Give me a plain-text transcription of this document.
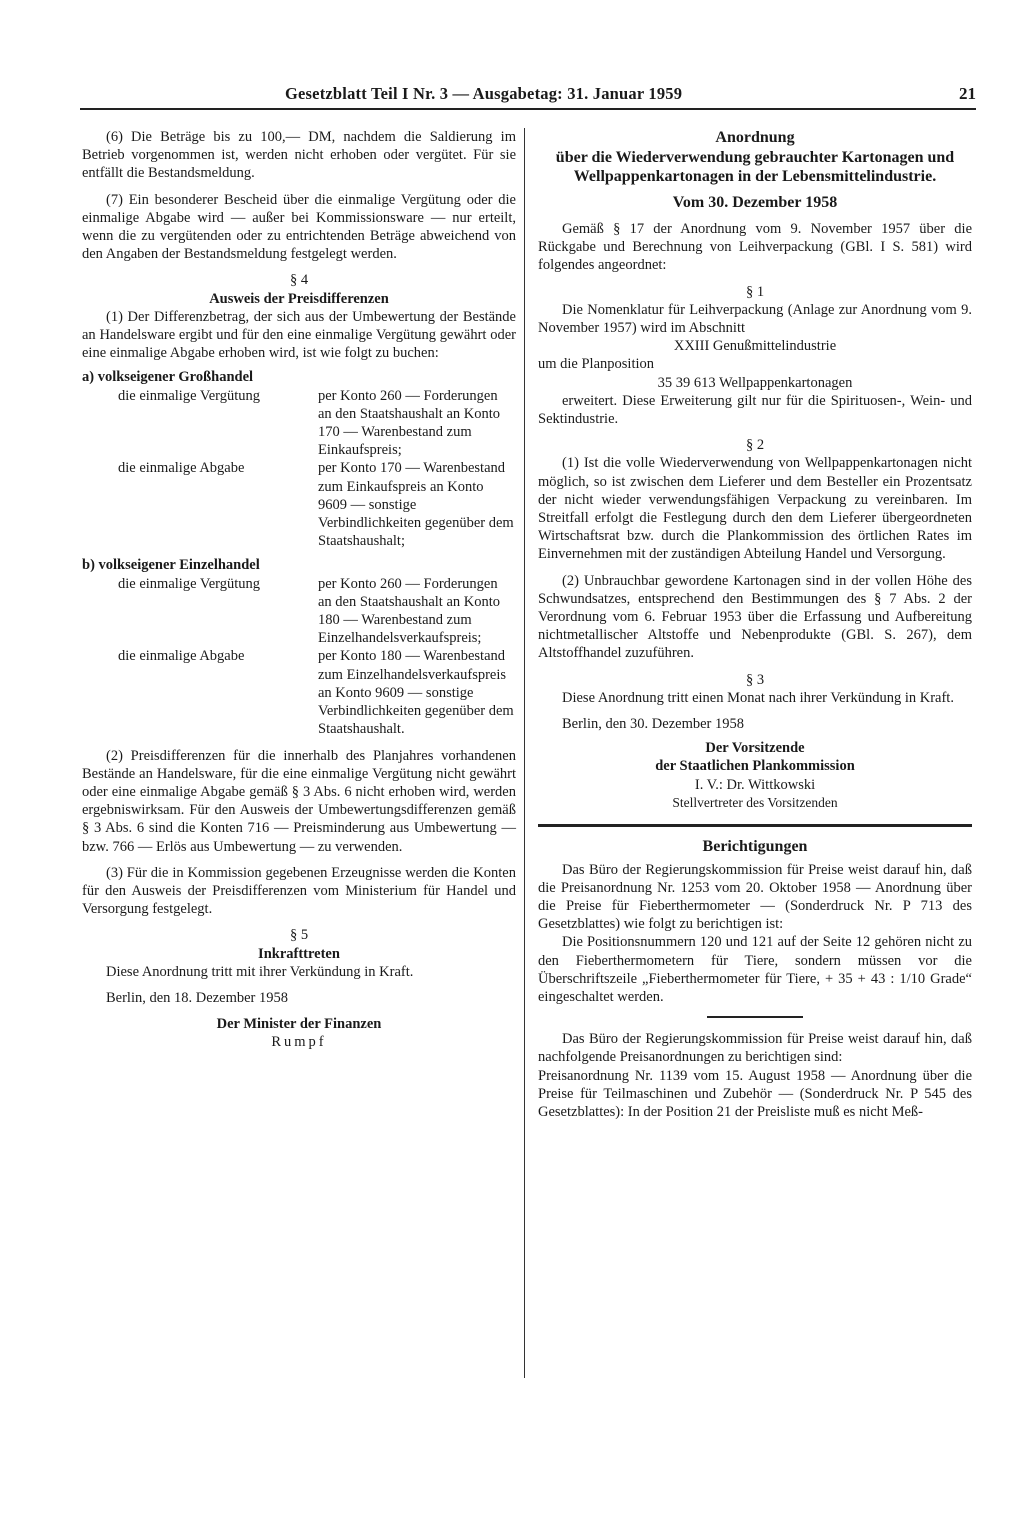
Gesetzblatt Teil I Nr. 3 — Ausgabetag: 31. Januar 1959	21

(6) Die Beträge bis zu 100,— DM, nachdem die Saldierung im Betrieb vorgenommen ist, werden nicht erhoben oder vergütet. Für sie entfällt die Bestandsmeldung.

(7) Ein besonderer Bescheid über die einmalige Vergütung oder die einmalige Abgabe wird — außer bei Kommissionsware — nur erteilt, wenn die zu vergütenden oder zu entrichtenden Beträge abweichend von den Angaben der Bestandsmeldung festgelegt werden.

§ 4
Ausweis der Preisdifferenzen

(1) Der Differenzbetrag, der sich aus der Umbewertung der Bestände an Handelsware ergibt und für den eine einmalige Vergütung gewährt oder eine einmalige Abgabe erhoben wird, ist wie folgt zu buchen:

a) volkseigener Großhandel
die einmalige Vergütung	per Konto 260 — Forderungen an den Staatshaushalt an Konto 170 — Warenbestand zum Einkaufspreis;
die einmalige Abgabe	per Konto 170 — Warenbestand zum Einkaufspreis an Konto 9609 — sonstige Verbindlichkeiten gegenüber dem Staatshaushalt;
b) volkseigener Einzelhandel
die einmalige Vergütung	per Konto 260 — Forderungen an den Staatshaushalt an Konto 180 — Warenbestand zum Einzelhandelsverkaufspreis;
die einmalige Abgabe	per Konto 180 — Warenbestand zum Einzelhandelsverkaufspreis an Konto 9609 — sonstige Verbindlichkeiten gegenüber dem Staatshaushalt.

(2) Preisdifferenzen für die innerhalb des Planjahres vorhandenen Bestände an Handelsware, für die eine einmalige Vergütung nicht gewährt oder eine einmalige Abgabe gemäß § 3 Abs. 6 nicht erhoben wird, werden ergebniswirksam. Für den Ausweis der Umbewertungsdifferenzen gemäß § 3 Abs. 6 sind die Konten 716 — Preisminderung aus Umbewertung — bzw. 766 — Erlös aus Umbewertung — zu verwenden.

(3) Für die in Kommission gegebenen Erzeugnisse werden die Konten für den Ausweis der Preisdifferenzen vom Ministerium für Handel und Versorgung festgelegt.

§ 5
Inkrafttreten

Diese Anordnung tritt mit ihrer Verkündung in Kraft.

Berlin, den 18. Dezember 1958

Der Minister der Finanzen
Rumpf
Anordnung
über die Wiederverwendung gebrauchter Kartonagen und Wellpappenkartonagen in der Lebensmittelindustrie.
Vom 30. Dezember 1958

Gemäß § 17 der Anordnung vom 9. November 1957 über die Rückgabe und Berechnung von Leihverpackung (GBl. I S. 581) wird folgendes angeordnet:

§ 1

Die Nomenklatur für Leihverpackung (Anlage zur Anordnung vom 9. November 1957) wird im Abschnitt

XXIII Genußmittelindustrie
um die Planposition
35 39 613 Wellpappenkartonagen

erweitert. Diese Erweiterung gilt nur für die Spirituosen-, Wein- und Sektindustrie.

§ 2

(1) Ist die volle Wiederverwendung von Wellpappenkartonagen nicht möglich, so ist zwischen dem Lieferer und dem Besteller ein Prozentsatz der nicht wieder verwendungsfähigen Verpackung zu vereinbaren. Im Streitfall erfolgt die Festlegung durch den dem Lieferer übergeordneten Wirtschaftsrat bzw. durch die Plankommission des örtlichen Rates im Einvernehmen mit der zuständigen Abteilung Handel und Versorgung.

(2) Unbrauchbar gewordene Kartonagen sind in der vollen Höhe des Schwundsatzes, entsprechend den Bestimmungen des § 7 Abs. 2 der Verordnung vom 6. Februar 1953 über die Erfassung und Aufbereitung nichtmetallischer Altstoffe und Nebenprodukte (GBl. S. 267), dem Altstoffhandel zuzuführen.

§ 3

Diese Anordnung tritt einen Monat nach ihrer Verkündung in Kraft.

Berlin, den 30. Dezember 1958

Der Vorsitzende
der Staatlichen Plankommission
I. V.: Dr. Wittkowski
Stellvertreter des Vorsitzenden
Berichtigungen

Das Büro der Regierungskommission für Preise weist darauf hin, daß die Preisanordnung Nr. 1253 vom 20. Oktober 1958 — Anordnung über die Preise für Fieberthermometer — (Sonderdruck Nr. P 713 des Gesetzblattes) wie folgt zu berichtigen ist:

Die Positionsnummern 120 und 121 auf der Seite 12 gehören nicht zu den Fieberthermometern für Tiere, sondern müssen vor die Überschriftszeile „Fieberthermometer für Tiere, + 35 + 43 : 1/10 Grade“ eingeschaltet werden.

Das Büro der Regierungskommission für Preise weist darauf hin, daß nachfolgende Preisanordnungen zu berichtigen sind:

Preisanordnung Nr. 1139 vom 15. August 1958 — Anordnung über die Preise für Teilmaschinen und Zubehör — (Sonderdruck Nr. P 545 des Gesetzblattes): In der Position 21 der Preisliste muß es nicht Meß-
